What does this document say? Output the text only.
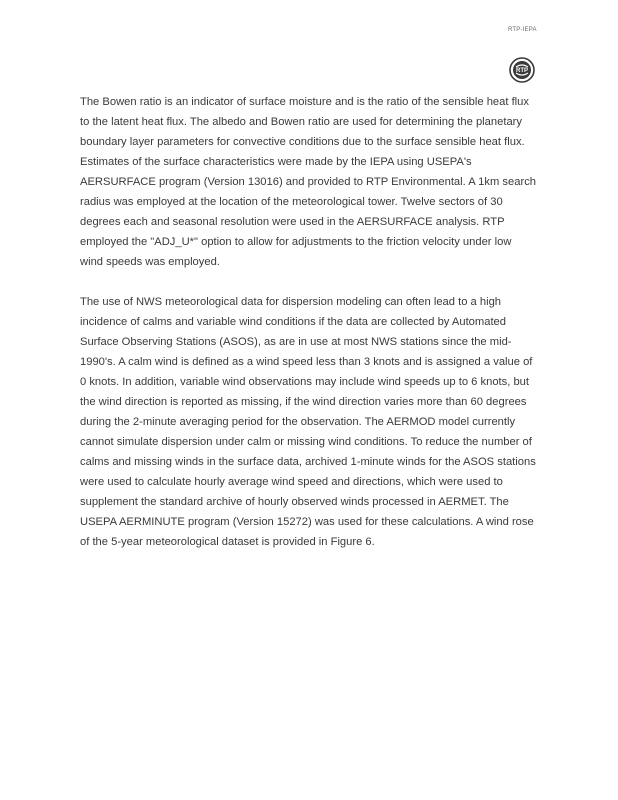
RTP-IEPA
RTP

The Bowen ratio is an indicator of surface moisture and is the ratio of the sensible heat flux to the latent heat flux. The albedo and Bowen ratio are used for determining the planetary boundary layer parameters for convective conditions due to the surface sensible heat flux. Estimates of the surface characteristics were made by the IEPA using USEPA's AERSURFACE program (Version 13016) and provided to RTP Environmental. A 1km search radius was employed at the location of the meteorological tower. Twelve sectors of 30 degrees each and seasonal resolution were used in the AERSURFACE analysis. RTP employed the "ADJ_U*" option to allow for adjustments to the friction velocity under low wind speeds was employed.

The use of NWS meteorological data for dispersion modeling can often lead to a high incidence of calms and variable wind conditions if the data are collected by Automated Surface Observing Stations (ASOS), as are in use at most NWS stations since the mid-1990's. A calm wind is defined as a wind speed less than 3 knots and is assigned a value of 0 knots. In addition, variable wind observations may include wind speeds up to 6 knots, but the wind direction is reported as missing, if the wind direction varies more than 60 degrees during the 2-minute averaging period for the observation. The AERMOD model currently cannot simulate dispersion under calm or missing wind conditions. To reduce the number of calms and missing winds in the surface data, archived 1-minute winds for the ASOS stations were used to calculate hourly average wind speed and directions, which were used to supplement the standard archive of hourly observed winds processed in AERMET. The USEPA AERMINUTE program (Version 15272) was used for these calculations. A wind rose of the 5-year meteorological dataset is provided in Figure 6.
